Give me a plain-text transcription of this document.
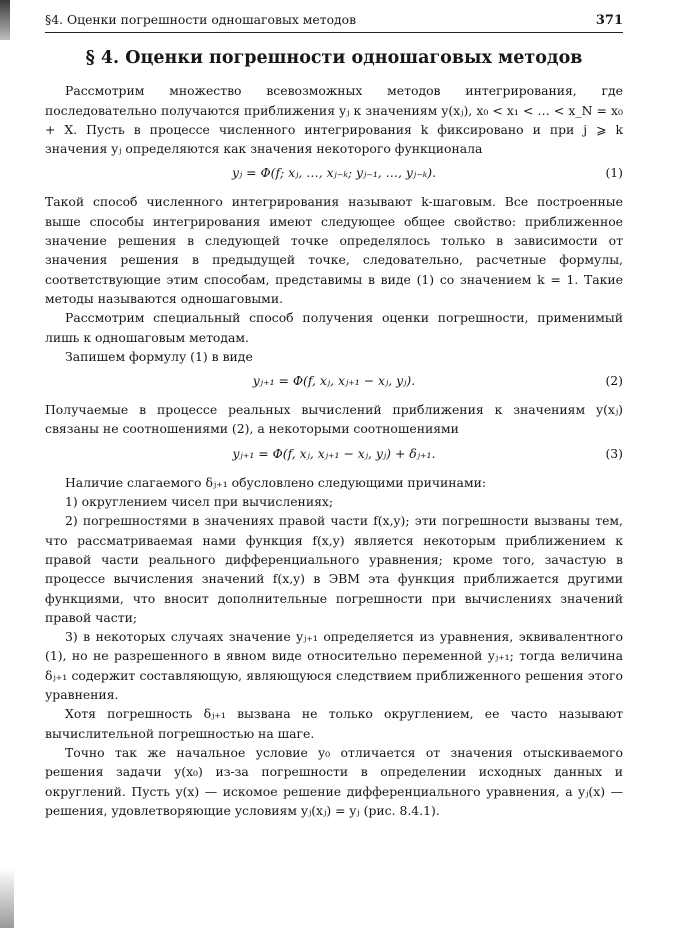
§4. Оценки погрешности одношаговых методов	371
§ 4. Оценки погрешности одношаговых методов

Рассмотрим множество всевозможных методов интегрирования, где последовательно получаются приближения yⱼ к значениям y(xⱼ), x₀ < x₁ < … < x_N = x₀ + X. Пусть в процессе численного интегрирования k фиксировано и при j ⩾ k значения yⱼ определяются как значения некоторого функционала

yⱼ = Φ(f; xⱼ, …, xⱼ₋ₖ; yⱼ₋₁, …, yⱼ₋ₖ).	(1)

Такой способ численного интегрирования называют k-шаговым. Все построенные выше способы интегрирования имеют следующее общее свойство: приближенное значение решения в следующей точке определялось только в зависимости от значения решения в предыдущей точке, следовательно, расчетные формулы, соответствующие этим способам, представимы в виде (1) со значением k = 1. Такие методы называются одношаговыми.

Рассмотрим специальный способ получения оценки погрешности, применимый лишь к одношаговым методам.

Запишем формулу (1) в виде

yⱼ₊₁ = Φ(f, xⱼ, xⱼ₊₁ − xⱼ, yⱼ).	(2)

Получаемые в процессе реальных вычислений приближения к значениям y(xⱼ) связаны не соотношениями (2), а некоторыми соотношениями

yⱼ₊₁ = Φ(f, xⱼ, xⱼ₊₁ − xⱼ, yⱼ) + δⱼ₊₁.	(3)

Наличие слагаемого δⱼ₊₁ обусловлено следующими причинами:

1) округлением чисел при вычислениях;

2) погрешностями в значениях правой части f(x,y); эти погрешности вызваны тем, что рассматриваемая нами функция f(x,y) является некоторым приближением к правой части реального дифференциального уравнения; кроме того, зачастую в процессе вычисления значений f(x,y) в ЭВМ эта функция приближается другими функциями, что вносит дополнительные погрешности при вычислениях значений правой части;

3) в некоторых случаях значение yⱼ₊₁ определяется из уравнения, эквивалентного (1), но не разрешенного в явном виде относительно переменной yⱼ₊₁; тогда величина δⱼ₊₁ содержит составляющую, являющуюся следствием приближенного решения этого уравнения.

Хотя погрешность δⱼ₊₁ вызвана не только округлением, ее часто называют вычислительной погрешностью на шаге.

Точно так же начальное условие y₀ отличается от значения отыскиваемого решения задачи y(x₀) из-за погрешности в определении исходных данных и округлений. Пусть y(x) — искомое решение дифференциального уравнения, а yⱼ(x) — решения, удовлетворяющие условиям yⱼ(xⱼ) = yⱼ (рис. 8.4.1).
